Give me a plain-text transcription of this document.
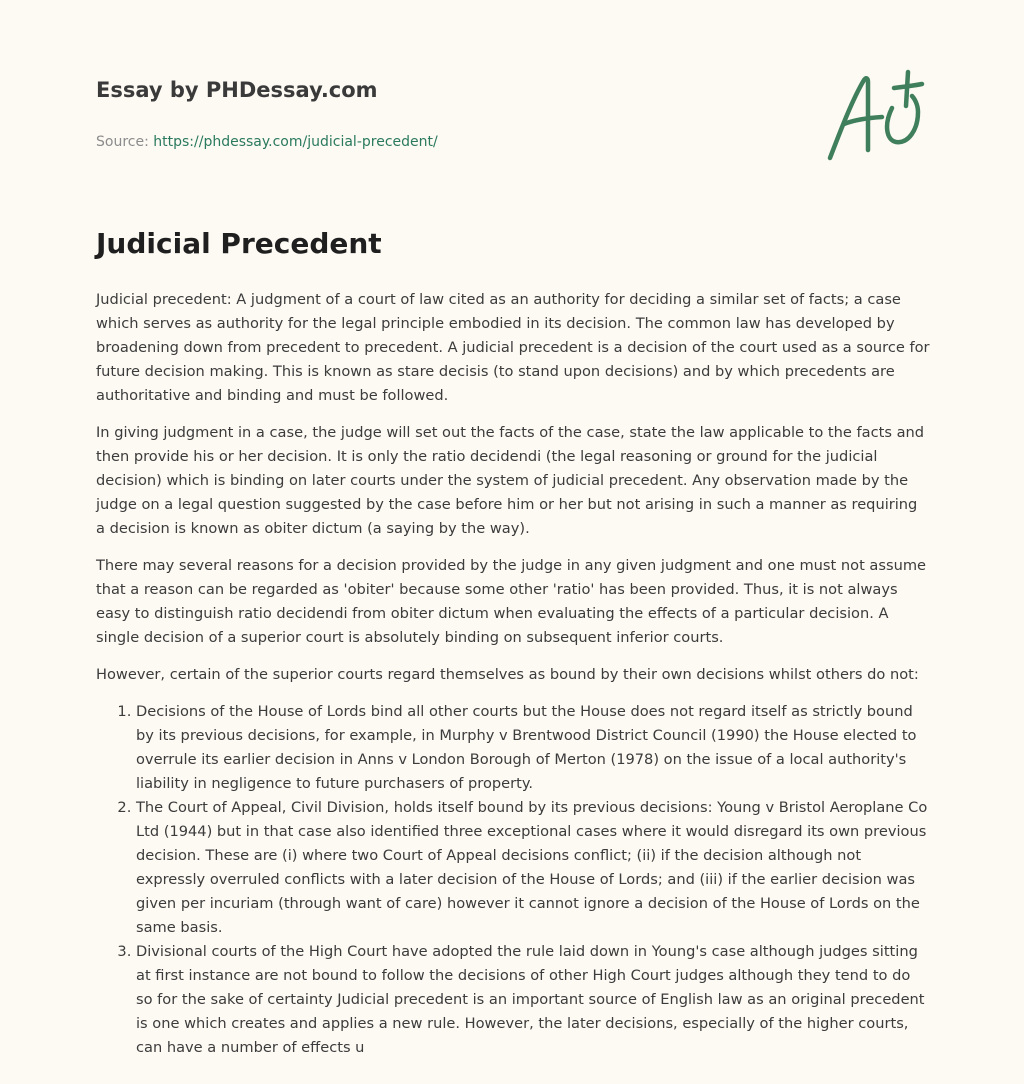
Essay by PHDessay.com
Source: https://phdessay.com/judicial-precedent/
Judicial Precedent

Judicial precedent: A judgment of a court of law cited as an authority for deciding a similar set of facts; a case which serves as authority for the legal principle embodied in its decision. The common law has developed by broadening down from precedent to precedent. A judicial precedent is a decision of the court used as a source for future decision making. This is known as stare decisis (to stand upon decisions) and by which precedents are authoritative and binding and must be followed.

In giving judgment in a case, the judge will set out the facts of the case, state the law applicable to the facts and then provide his or her decision. It is only the ratio decidendi (the legal reasoning or ground for the judicial decision) which is binding on later courts under the system of judicial precedent. Any observation made by the judge on a legal question suggested by the case before him or her but not arising in such a manner as requiring a decision is known as obiter dictum (a saying by the way).

There may several reasons for a decision provided by the judge in any given judgment and one must not assume that a reason can be regarded as 'obiter' because some other 'ratio' has been provided. Thus, it is not always easy to distinguish ratio decidendi from obiter dictum when evaluating the effects of a particular decision. A single decision of a superior court is absolutely binding on subsequent inferior courts.

However, certain of the superior courts regard themselves as bound by their own decisions whilst others do not:

1. Decisions of the House of Lords bind all other courts but the House does not regard itself as strictly bound by its previous decisions, for example, in Murphy v Brentwood District Council (1990) the House elected to overrule its earlier decision in Anns v London Borough of Merton (1978) on the issue of a local authority's liability in negligence to future purchasers of property.
2. The Court of Appeal, Civil Division, holds itself bound by its previous decisions: Young v Bristol Aeroplane Co Ltd (1944) but in that case also identified three exceptional cases where it would disregard its own previous decision. These are (i) where two Court of Appeal decisions conflict; (ii) if the decision although not expressly overruled conflicts with a later decision of the House of Lords; and (iii) if the earlier decision was given per incuriam (through want of care) however it cannot ignore a decision of the House of Lords on the same basis.
3. Divisional courts of the High Court have adopted the rule laid down in Young's case although judges sitting at first instance are not bound to follow the decisions of other High Court judges although they tend to do so for the sake of certainty Judicial precedent is an important source of English law as an original precedent is one which creates and applies a new rule. However, the later decisions, especially of the higher courts, can have a number of effects u
